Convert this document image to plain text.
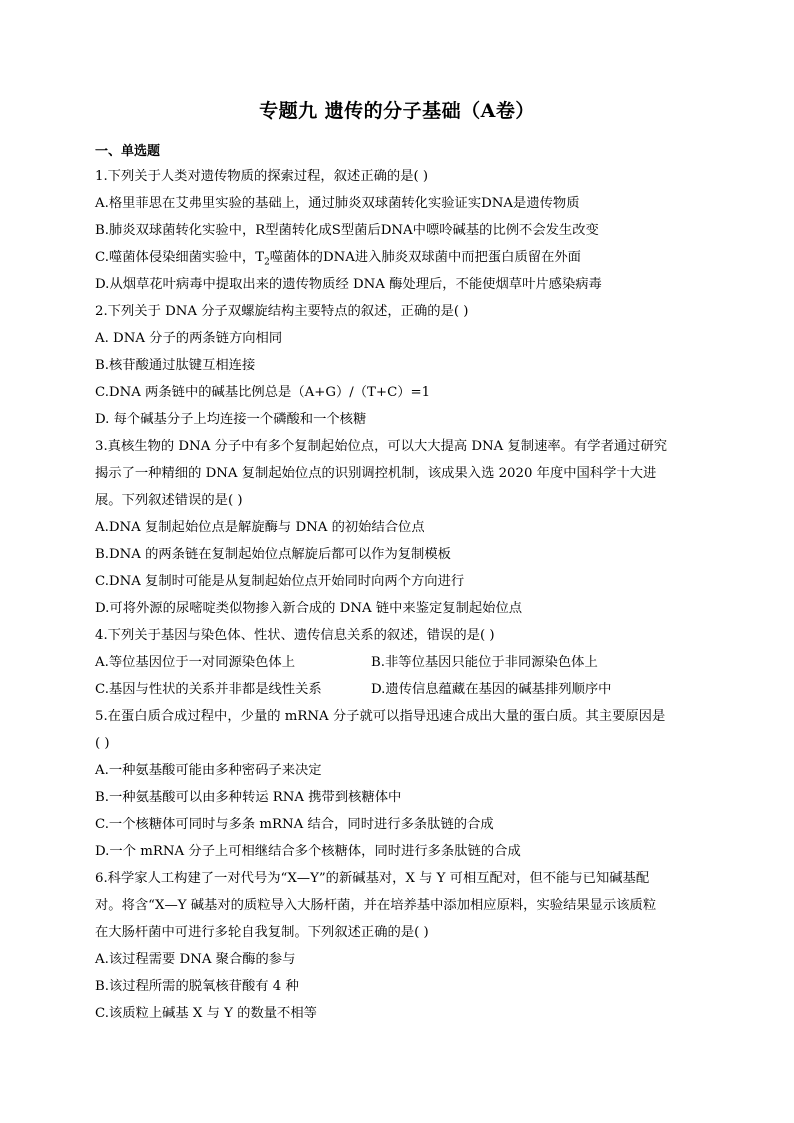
专题九 遗传的分子基础（A卷）
一、单选题
1.下列关于人类对遗传物质的探索过程，叙述正确的是( )
A.格里菲思在艾弗里实验的基础上，通过肺炎双球菌转化实验证实DNA是遗传物质
B.肺炎双球菌转化实验中，R型菌转化成S型菌后DNA中嘌呤碱基的比例不会发生改变
C.噬菌体侵染细菌实验中，$T_2$噬菌体的DNA进入肺炎双球菌中而把蛋白质留在外面
D.从烟草花叶病毒中提取出来的遗传物质经 DNA 酶处理后，不能使烟草叶片感染病毒
2.下列关于 DNA 分子双螺旋结构主要特点的叙述，正确的是( )
A. DNA 分子的两条链方向相同
B.核苷酸通过肽键互相连接
C.DNA 两条链中的碱基比例总是（A+G）/（T+C）=1
D. 每个碱基分子上均连接一个磷酸和一个核糖
3.真核生物的 DNA 分子中有多个复制起始位点，可以大大提高 DNA 复制速率。有学者通过研究
揭示了一种精细的 DNA 复制起始位点的识别调控机制，该成果入选 2020 年度中国科学十大进
展。下列叙述错误的是( )
A.DNA 复制起始位点是解旋酶与 DNA 的初始结合位点
B.DNA 的两条链在复制起始位点解旋后都可以作为复制模板
C.DNA 复制时可能是从复制起始位点开始同时向两个方向进行
D.可将外源的尿嘧啶类似物掺入新合成的 DNA 链中来鉴定复制起始位点
4.下列关于基因与染色体、性状、遗传信息关系的叙述，错误的是( )
A.等位基因位于一对同源染色体上	B.非等位基因只能位于非同源染色体上
C.基因与性状的关系并非都是线性关系	D.遗传信息蕴藏在基因的碱基排列顺序中
5.在蛋白质合成过程中，少量的 mRNA 分子就可以指导迅速合成出大量的蛋白质。其主要原因是
( )
A.一种氨基酸可能由多种密码子来决定
B.一种氨基酸可以由多种转运 RNA 携带到核糖体中
C.一个核糖体可同时与多条 mRNA 结合，同时进行多条肽链的合成
D.一个 mRNA 分子上可相继结合多个核糖体，同时进行多条肽链的合成
6.科学家人工构建了一对代号为“X—Y”的新碱基对，X 与 Y 可相互配对，但不能与已知碱基配
对。将含“X—Y 碱基对的质粒导入大肠杆菌，并在培养基中添加相应原料，实验结果显示该质粒
在大肠杆菌中可进行多轮自我复制。下列叙述正确的是( )
A.该过程需要 DNA 聚合酶的参与
B.该过程所需的脱氧核苷酸有 4 种
C.该质粒上碱基 X 与 Y 的数量不相等
